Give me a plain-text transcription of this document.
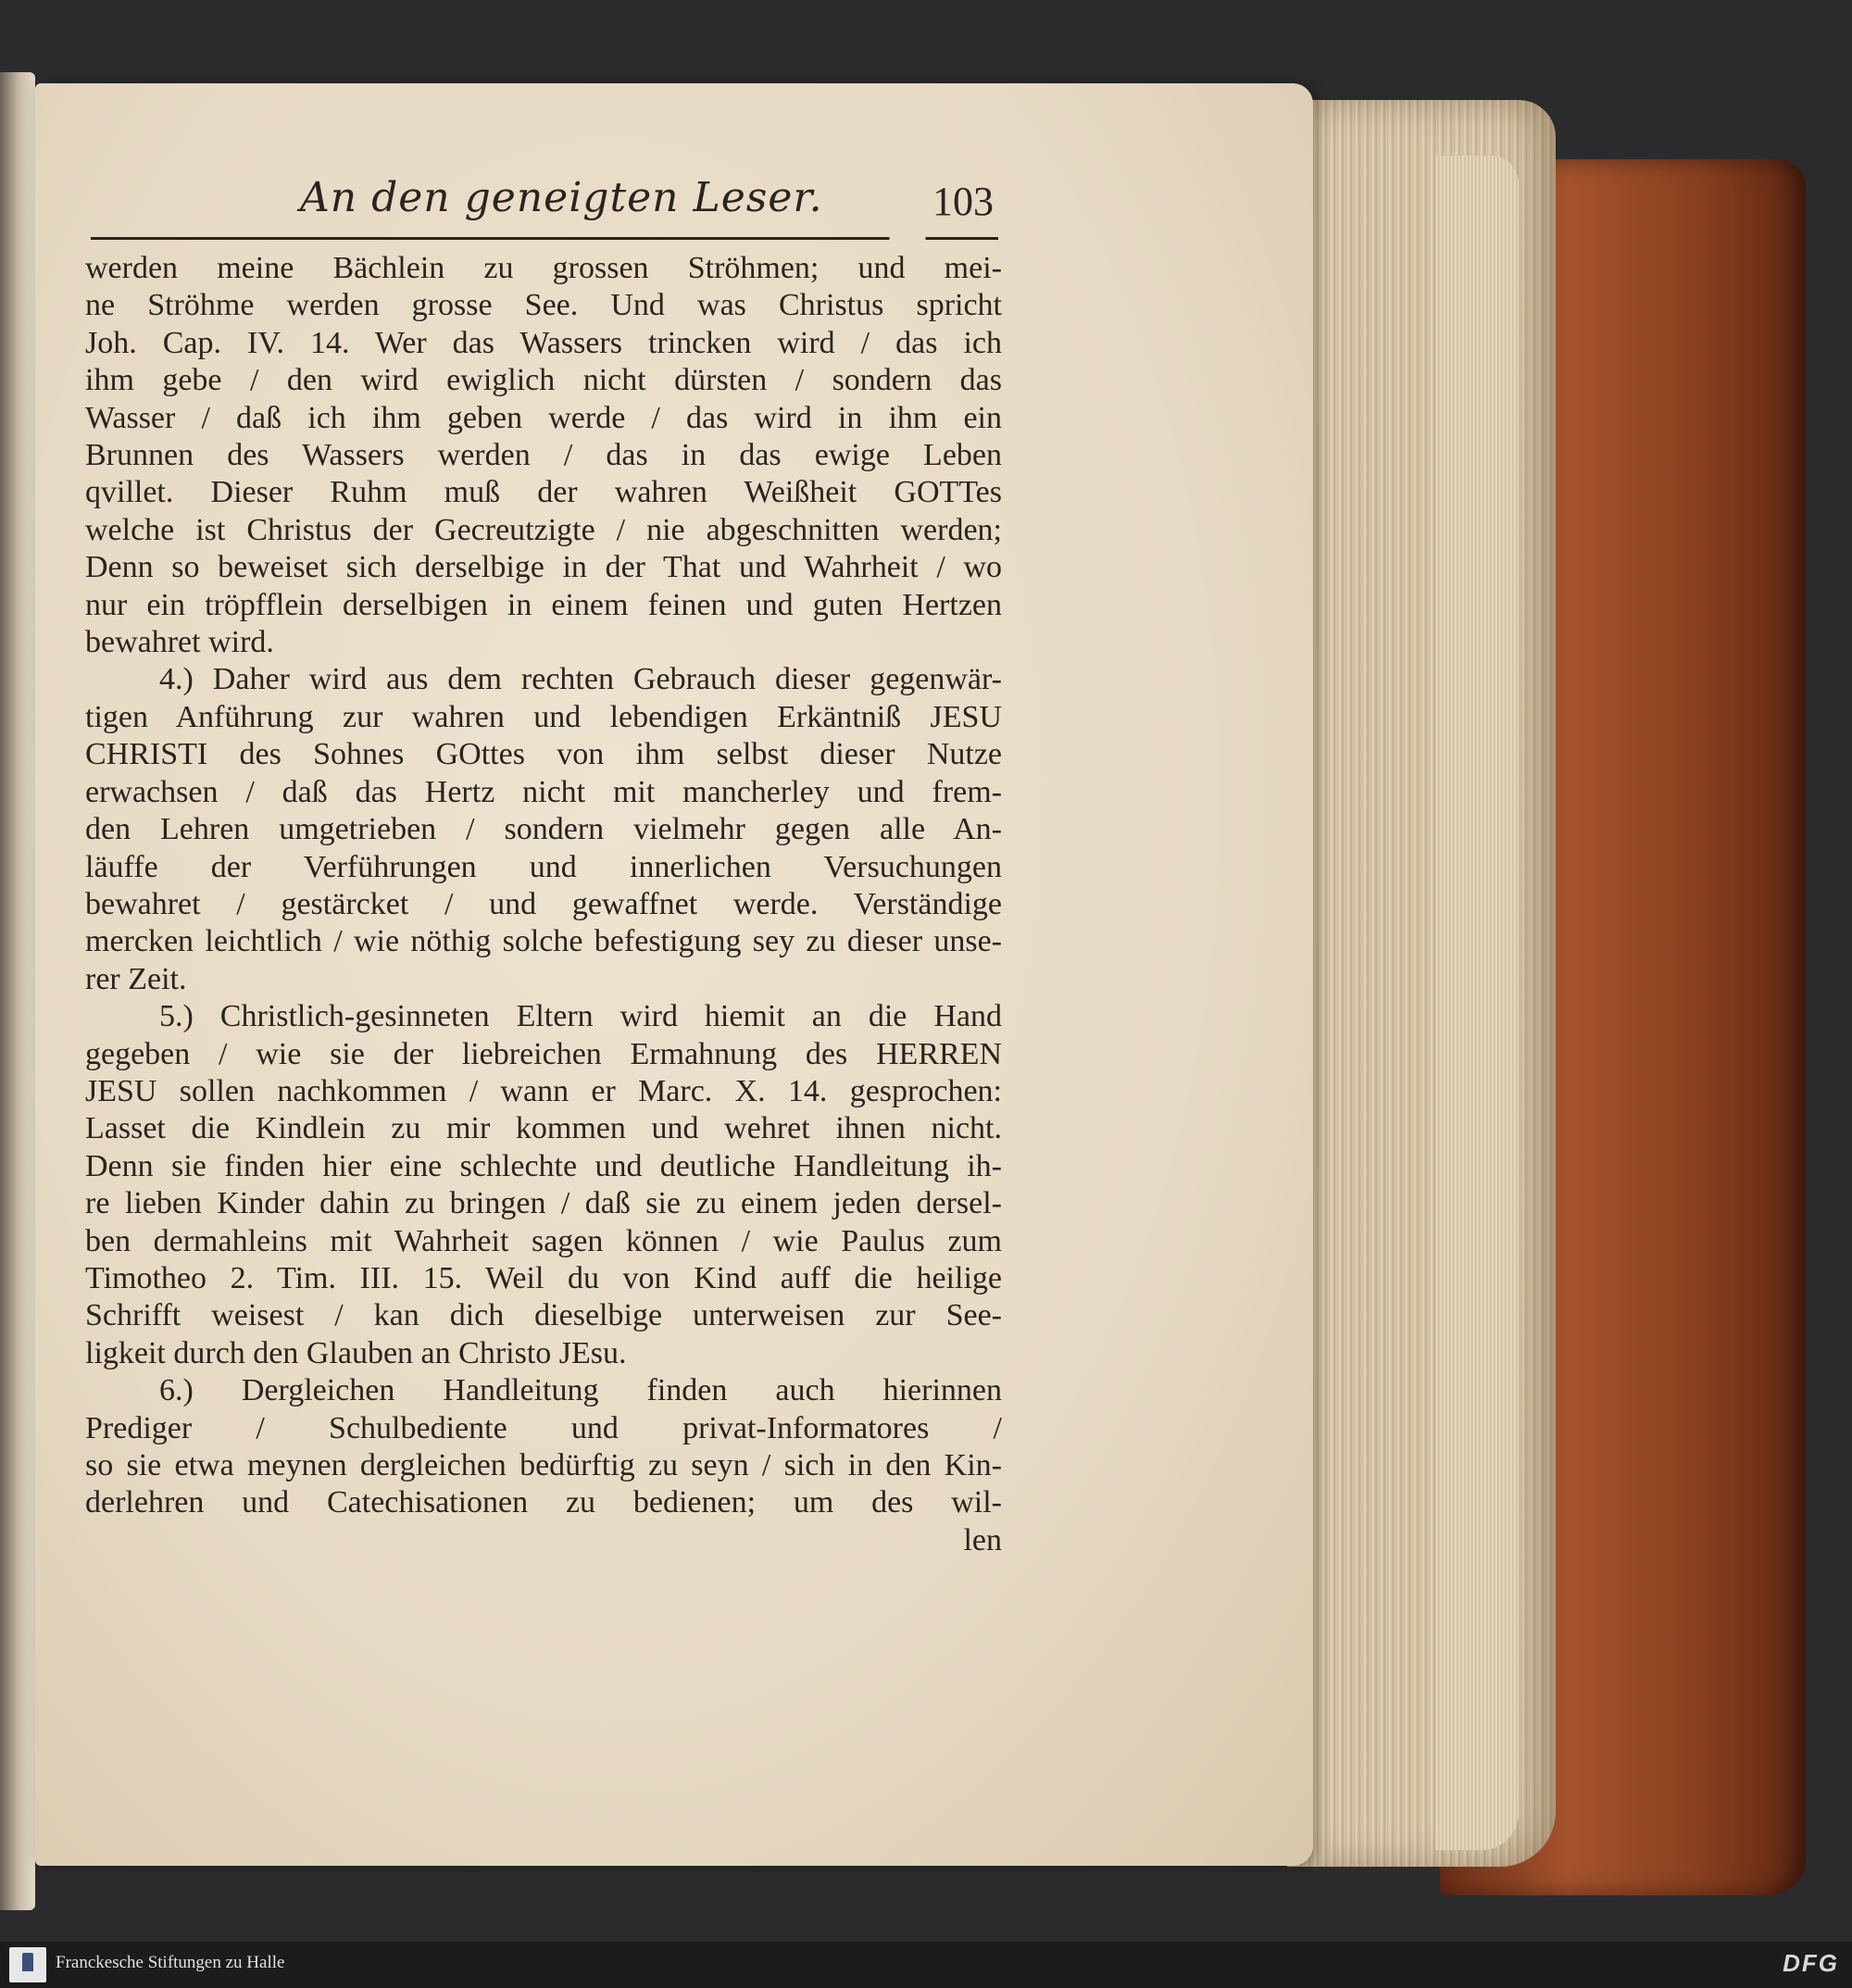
An den geneigten Leser.	103
werden meine Bächlein zu grossen Ströhmen; und mei-
ne Ströhme werden grosse See. Und was Christus spricht
Joh. Cap. IV. 14. Wer das Wassers trincken wird / das ich
ihm gebe / den wird ewiglich nicht dürsten / sondern das
Wasser / daß ich ihm geben werde / das wird in ihm ein
Brunnen des Wassers werden / das in das ewige Leben
qvillet. Dieser Ruhm muß der wahren Weißheit GOTTes
welche ist Christus der Gecreutzigte / nie abgeschnitten werden;
Denn so beweiset sich derselbige in der That und Wahrheit / wo
nur ein tröpfflein derselbigen in einem feinen und guten Hertzen
bewahret wird.
4.) Daher wird aus dem rechten Gebrauch dieser gegenwär-
tigen Anführung zur wahren und lebendigen Erkäntniß JESU
CHRISTI des Sohnes GOttes von ihm selbst dieser Nutze
erwachsen / daß das Hertz nicht mit mancherley und frem-
den Lehren umgetrieben / sondern vielmehr gegen alle An-
läuffe der Verführungen und innerlichen Versuchungen
bewahret / gestärcket / und gewaffnet werde. Verständige
mercken leichtlich / wie nöthig solche befestigung sey zu dieser unse-
rer Zeit.
5.) Christlich-gesinneten Eltern wird hiemit an die Hand
gegeben / wie sie der liebreichen Ermahnung des HERREN
JESU sollen nachkommen / wann er Marc. X. 14. gesprochen:
Lasset die Kindlein zu mir kommen und wehret ihnen nicht.
Denn sie finden hier eine schlechte und deutliche Handleitung ih-
re lieben Kinder dahin zu bringen / daß sie zu einem jeden dersel-
ben dermahleins mit Wahrheit sagen können / wie Paulus zum
Timotheo 2. Tim. III. 15. Weil du von Kind auff die heilige
Schrifft weisest / kan dich dieselbige unterweisen zur See-
ligkeit durch den Glauben an Christo JEsu.
6.) Dergleichen Handleitung finden auch hierinnen
Prediger / Schulbediente und privat-Informatores /
so sie etwa meynen dergleichen bedürftig zu seyn / sich in den Kin-
derlehren und Catechisationen zu bedienen; um des wil-
len
Franckesche Stiftungen zu Halle	DFG
